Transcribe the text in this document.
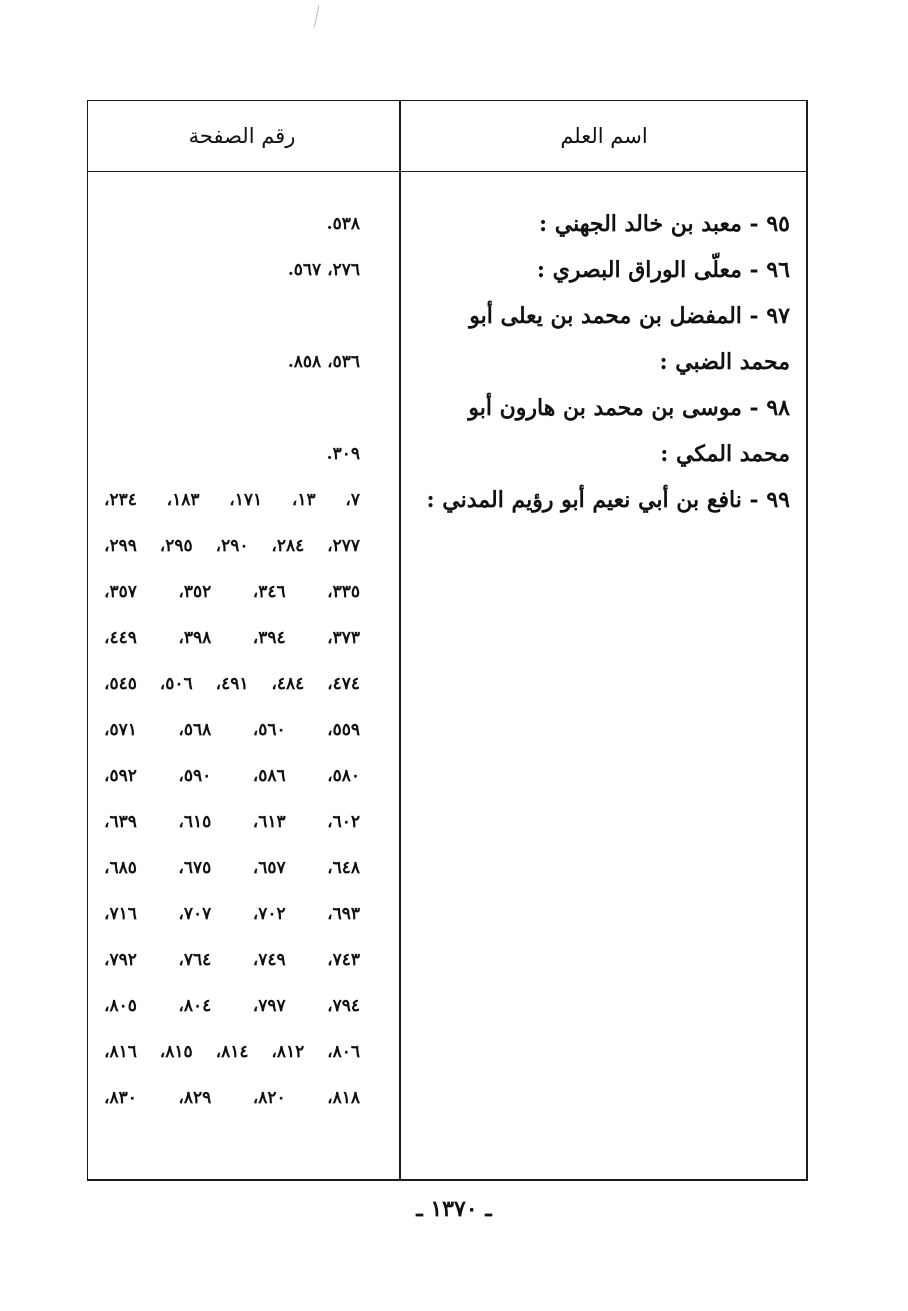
رقم الصفحة	اسم العلم
٩٥ - معبد بن خالد الجهني :
٩٦ - معلّى الوراق البصري :
٩٧ - المفضل بن محمد بن يعلى أبو
محمد الضبي :
٩٨ - موسى بن محمد بن هارون أبو
محمد المكي :
٩٩ - نافع بن أبي نعيم أبو رؤيم المدني :
٥٣٨.
٢٧٦، ٥٦٧.
٥٣٦، ٨٥٨.
٣٠٩.
٧، ١٣، ١٧١، ١٨٣، ٢٣٤،
٢٧٧، ٢٨٤، ٢٩٠، ٢٩٥، ٢٩٩،
٣٣٥، ٣٤٦، ٣٥٢، ٣٥٧،
٣٧٣، ٣٩٤، ٣٩٨، ٤٤٩،
٤٧٤، ٤٨٤، ٤٩١، ٥٠٦، ٥٤٥،
٥٥٩، ٥٦٠، ٥٦٨، ٥٧١،
٥٨٠، ٥٨٦، ٥٩٠، ٥٩٢،
٦٠٢، ٦١٣، ٦١٥، ٦٣٩،
٦٤٨، ٦٥٧، ٦٧٥، ٦٨٥،
٦٩٣، ٧٠٢، ٧٠٧، ٧١٦،
٧٤٣، ٧٤٩، ٧٦٤، ٧٩٢،
٧٩٤، ٧٩٧، ٨٠٤، ٨٠٥،
٨٠٦، ٨١٢، ٨١٤، ٨١٥، ٨١٦،
٨١٨، ٨٢٠، ٨٢٩، ٨٣٠،
ـ ١٣٧٠ ـ
